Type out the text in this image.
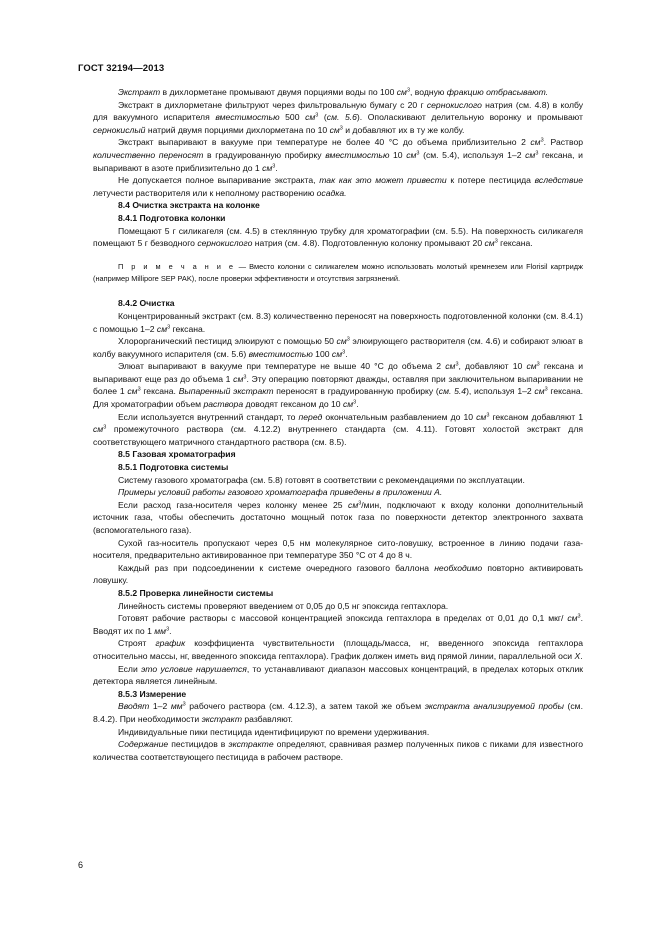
ГОСТ 32194—2013

Экстракт в дихлорметане промывают двумя порциями воды по 100 $см^3$, водную фракцию отбрасывают.

Экстракт в дихлорметане фильтруют через фильтровальную бумагу с 20 г сернокислого натрия (см. 4.8) в колбу для вакуумного испарителя вместимостью 500 $см^3$ (см. 5.6). Ополаскивают делительную воронку и промывают сернокислый натрий двумя порциями дихлорметана по 10 $см^3$ и добавляют их в ту же колбу.

Экстракт выпаривают в вакууме при температуре не более 40 °С до объема приблизительно 2 $см^3$. Раствор количественно переносят в градуированную пробирку вместимостью 10 $см^3$ (см. 5.4), используя 1–2 $см^3$ гексана, и выпаривают в азоте приблизительно до 1 $см^3$.

Не допускается полное выпаривание экстракта, так как это может привести к потере пестицида вследствие летучести растворителя или к неполному растворению осадка.

8.4 Очистка экстракта на колонке

8.4.1 Подготовка колонки

Помещают 5 г силикагеля (см. 4.5) в стеклянную трубку для хроматографии (см. 5.5). На поверхность силикагеля помещают 5 г безводного сернокислого натрия (см. 4.8). Подготовленную колонку промывают 20 $см^3$ гексана.

П р и м е ч а н и е — Вместо колонки с силикагелем можно использовать молотый кремнезем или Florisil картридж (например Millipore SEP PAK), после проверки эффективности и отсутствия загрязнений.

8.4.2 Очистка

Концентрированный экстракт (см. 8.3) количественно переносят на поверхность подготовленной колонки (см. 8.4.1) с помощью 1–2 $см^3$ гексана.

Хлорорганический пестицид элюируют с помощью 50 $см^3$ элюирующего растворителя (см. 4.6) и собирают элюат в колбу вакуумного испарителя (см. 5.6) вместимостью 100 $см^3$.

Элюат выпаривают в вакууме при температуре не выше 40 °С до объема 2 $см^3$, добавляют 10 $см^3$ гексана и выпаривают еще раз до объема 1 $см^3$. Эту операцию повторяют дважды, оставляя при заключительном выпаривании не более 1 $см^3$ гексана. Выпаренный экстракт переносят в градуированную пробирку (см. 5.4), используя 1–2 $см^3$ гексана. Для хроматографии объем раствора доводят гексаном до 10 $см^3$.

Если используется внутренний стандарт, то перед окончательным разбавлением до 10 $см^3$ гексаном добавляют 1 $см^3$ промежуточного раствора (см. 4.12.2) внутреннего стандарта (см. 4.11). Готовят холостой экстракт для соответствующего матричного стандартного раствора (см. 8.5).

8.5 Газовая хроматография

8.5.1 Подготовка системы

Систему газового хроматографа (см. 5.8) готовят в соответствии с рекомендациями по эксплуатации.

Примеры условий работы газового хроматографа приведены в приложении А.

Если расход газа-носителя через колонку менее 25 $см^3$/мин, подключают к входу колонки дополнительный источник газа, чтобы обеспечить достаточно мощный поток газа по поверхности детектор электронного захвата (вспомогательного газа).

Сухой газ-носитель пропускают через 0,5 нм молекулярное сито-ловушку, встроенное в линию подачи газа-носителя, предварительно активированное при температуре 350 °С от 4 до 8 ч.

Каждый раз при подсоединении к системе очередного газового баллона необходимо повторно активировать ловушку.

8.5.2 Проверка линейности системы

Линейность системы проверяют введением от 0,05 до 0,5 нг эпоксида гептахлора.

Готовят рабочие растворы с массовой концентрацией эпоксида гептахлора в пределах от 0,01 до 0,1 мкг/ $см^3$. Вводят их по 1 $мм^3$.

Строят график коэффициента чувствительности (площадь/масса, нг, введенного эпоксида гептахлора относительно массы, нг, введенного эпоксида гептахлора). График должен иметь вид прямой линии, параллельной оси X.

Если это условие нарушается, то устанавливают диапазон массовых концентраций, в пределах которых отклик детектора является линейным.

8.5.3 Измерение

Вводят 1–2 $мм^3$ рабочего раствора (см. 4.12.3), а затем такой же объем экстракта анализируемой пробы (см. 8.4.2). При необходимости экстракт разбавляют.

Индивидуальные пики пестицида идентифицируют по времени удерживания.

Содержание пестицидов в экстракте определяют, сравнивая размер полученных пиков с пиками для известного количества соответствующего пестицида в рабочем растворе.

6
